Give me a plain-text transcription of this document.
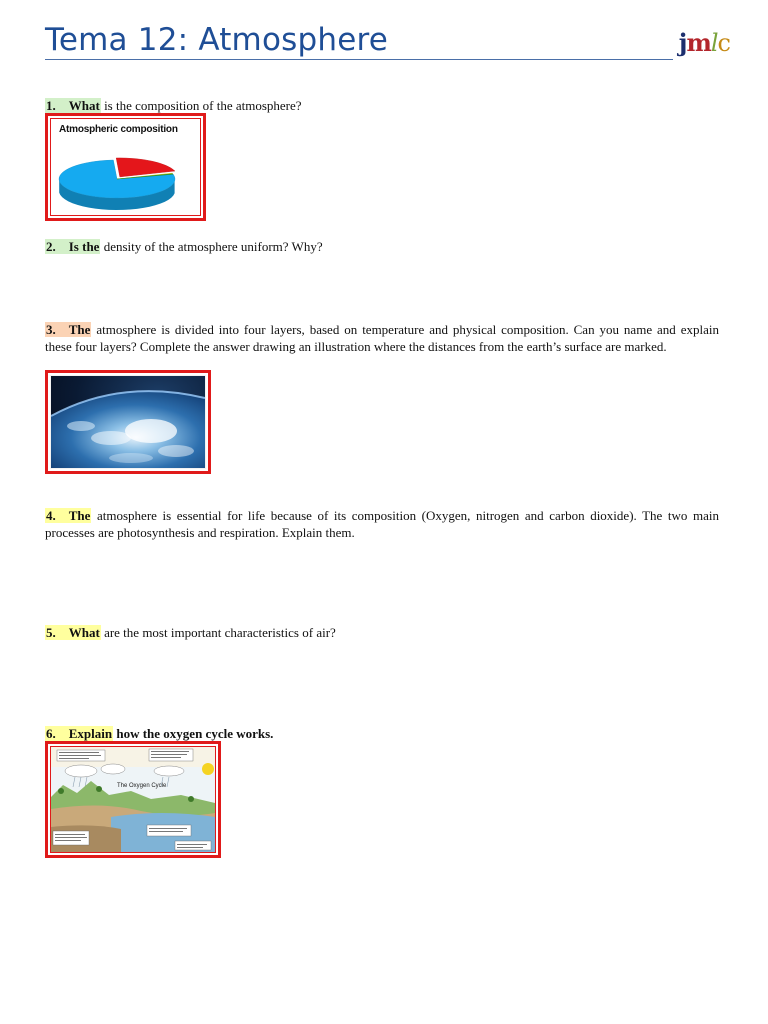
Tema 12: Atmosphere	jmlc

1. What is the composition of the atmosphere?

Atmospheric composition

2. Is the density of the atmosphere uniform? Why?

3. The atmosphere is divided into four layers, based on temperature and physical composition. Can you name and explain these four layers? Complete the answer drawing an illustration where the distances from the earth’s surface are marked.

4. The atmosphere is essential for life because of its composition (Oxygen, nitrogen and carbon dioxide). The two main processes are photosynthesis and respiration. Explain them.

5. What are the most important characteristics of air?

6. Explain how the oxygen cycle works.

The Oxygen Cycle
